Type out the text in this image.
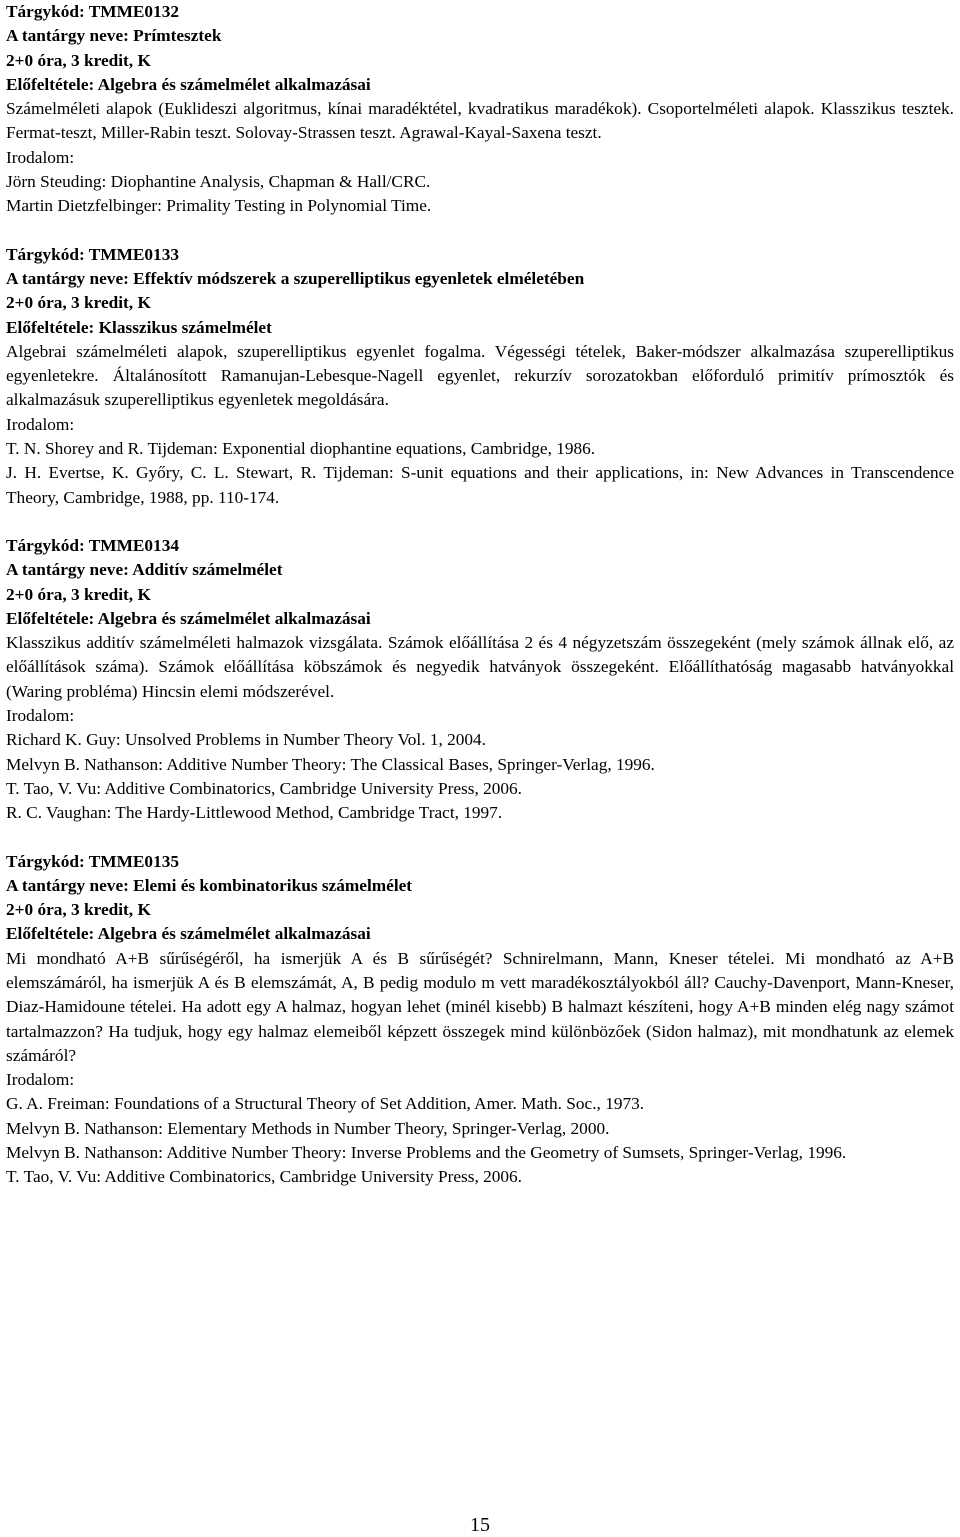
Tárgykód: TMME0132
A tantárgy neve: Prímtesztek
2+0 óra, 3 kredit, K
Előfeltétele: Algebra és számelmélet alkalmazásai

Számelméleti alapok (Euklideszi algoritmus, kínai maradéktétel, kvadratikus maradékok). Csoportelméleti alapok. Klasszikus tesztek. Fermat-teszt, Miller-Rabin teszt. Solovay-Strassen teszt. Agrawal-Kayal-Saxena teszt.

Irodalom:
Jörn Steuding: Diophantine Analysis, Chapman & Hall/CRC.
Martin Dietzfelbinger: Primality Testing in Polynomial Time.
Tárgykód: TMME0133
A tantárgy neve: Effektív módszerek a szuperelliptikus egyenletek elméletében
2+0 óra, 3 kredit, K
Előfeltétele: Klasszikus számelmélet

Algebrai számelméleti alapok, szuperelliptikus egyenlet fogalma. Végességi tételek, Baker-módszer alkalmazása szuperelliptikus egyenletekre. Általánosított Ramanujan-Lebesque-Nagell egyenlet, rekurzív sorozatokban előforduló primitív prímosztók és alkalmazásuk szuperelliptikus egyenletek megoldására.

Irodalom:
T. N. Shorey and R. Tijdeman: Exponential diophantine equations, Cambridge, 1986.
J. H. Evertse, K. Győry, C. L. Stewart, R. Tijdeman: S-unit equations and their applications, in: New Advances in Transcendence Theory, Cambridge, 1988, pp. 110-174.
Tárgykód: TMME0134
A tantárgy neve: Additív számelmélet
2+0 óra, 3 kredit, K
Előfeltétele: Algebra és számelmélet alkalmazásai

Klasszikus additív számelméleti halmazok vizsgálata. Számok előállítása 2 és 4 négyzetszám összegeként (mely számok állnak elő, az előállítások száma). Számok előállítása köbszámok és negyedik hatványok összegeként. Előállíthatóság magasabb hatványokkal (Waring probléma) Hincsin elemi módszerével.

Irodalom:
Richard K. Guy: Unsolved Problems in Number Theory Vol. 1, 2004.
Melvyn B. Nathanson: Additive Number Theory: The Classical Bases, Springer-Verlag, 1996.
T. Tao, V. Vu: Additive Combinatorics, Cambridge University Press, 2006.
R. C. Vaughan: The Hardy-Littlewood Method, Cambridge Tract, 1997.
Tárgykód: TMME0135
A tantárgy neve: Elemi és kombinatorikus számelmélet
2+0 óra, 3 kredit, K
Előfeltétele: Algebra és számelmélet alkalmazásai

Mi mondható A+B sűrűségéről, ha ismerjük A és B sűrűségét? Schnirelmann, Mann, Kneser tételei. Mi mondható az A+B elemszámáról, ha ismerjük A és B elemszámát, A, B pedig modulo m vett maradékosztályokból áll? Cauchy-Davenport, Mann-Kneser, Diaz-Hamidoune tételei. Ha adott egy A halmaz, hogyan lehet (minél kisebb) B halmazt készíteni, hogy A+B minden elég nagy számot tartalmazzon? Ha tudjuk, hogy egy halmaz elemeiből képzett összegek mind különbözőek (Sidon halmaz), mit mondhatunk az elemek számáról?

Irodalom:
G. A. Freiman: Foundations of a Structural Theory of Set Addition, Amer. Math. Soc., 1973.
Melvyn B. Nathanson: Elementary Methods in Number Theory, Springer-Verlag, 2000.
Melvyn B. Nathanson: Additive Number Theory: Inverse Problems and the Geometry of Sumsets, Springer-Verlag, 1996.
T. Tao, V. Vu: Additive Combinatorics, Cambridge University Press, 2006.
15
